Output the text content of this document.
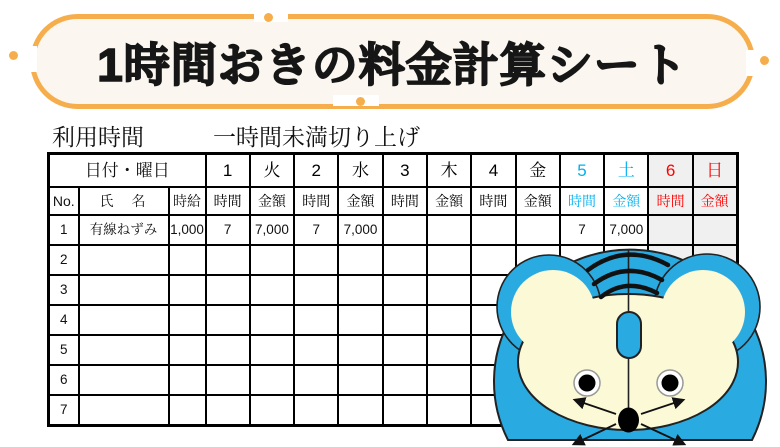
1時間おきの料金計算シート
利用時間	一時間未満切り上げ
日付・曜日			1	火	2	水	3	木	4	金	5	土	6	日
No.	氏　名	時給	時間	金額	時間	金額	時間	金額	時間	金額	時間	金額	時間	金額
1	有線ねずみ	1,000	7	7,000	7	7,000					7	7,000		
2														
3														
4														
5														
6														
7														
